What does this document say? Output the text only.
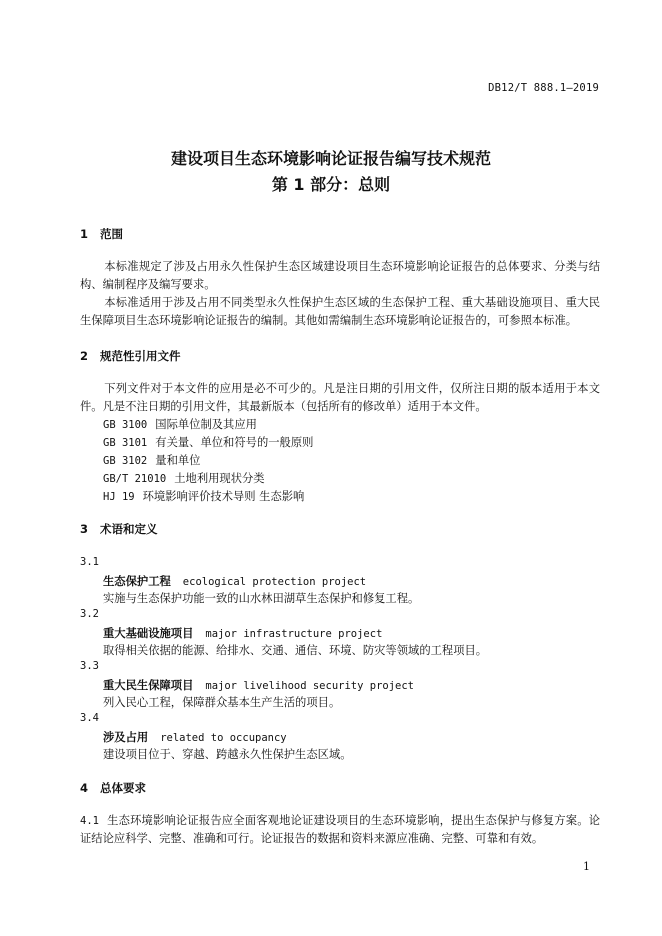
DB12/T 888.1—2019
建设项目生态环境影响论证报告编写技术规范
第 1 部分：总则
1 范围
本标准规定了涉及占用永久性保护生态区域建设项目生态环境影响论证报告的总体要求、分类与结构、编制程序及编写要求。
本标准适用于涉及占用不同类型永久性保护生态区域的生态保护工程、重大基础设施项目、重大民生保障项目生态环境影响论证报告的编制。其他如需编制生态环境影响论证报告的，可参照本标准。
2 规范性引用文件
下列文件对于本文件的应用是必不可少的。凡是注日期的引用文件，仅所注日期的版本适用于本文件。凡是不注日期的引用文件，其最新版本（包括所有的修改单）适用于本文件。
GB 3100 国际单位制及其应用
GB 3101 有关量、单位和符号的一般原则
GB 3102 量和单位
GB/T 21010 土地利用现状分类
HJ 19 环境影响评价技术导则 生态影响
3 术语和定义
3.1
生态保护工程 ecological protection project
实施与生态保护功能一致的山水林田湖草生态保护和修复工程。
3.2
重大基础设施项目 major infrastructure project
取得相关依据的能源、给排水、交通、通信、环境、防灾等领域的工程项目。
3.3
重大民生保障项目 major livelihood security project
列入民心工程，保障群众基本生产生活的项目。
3.4
涉及占用 related to occupancy
建设项目位于、穿越、跨越永久性保护生态区域。
4 总体要求
4.1 生态环境影响论证报告应全面客观地论证建设项目的生态环境影响，提出生态保护与修复方案。论证结论应科学、完整、准确和可行。论证报告的数据和资料来源应准确、完整、可靠和有效。
1
